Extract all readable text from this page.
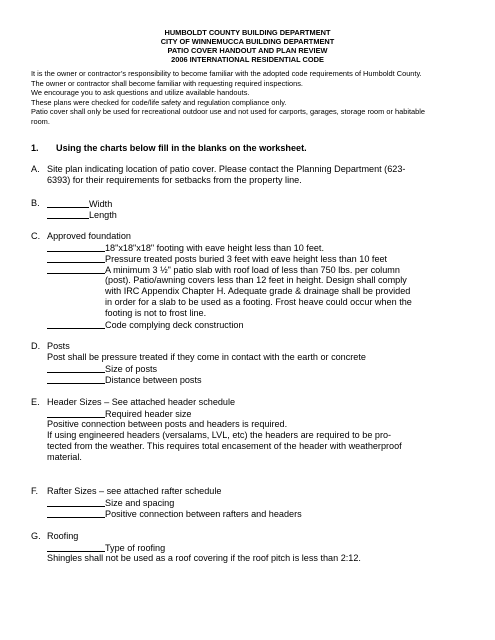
HUMBOLDT COUNTY BUILDING DEPARTMENT
CITY OF WINNEMUCCA BUILDING DEPARTMENT
PATIO COVER HANDOUT AND PLAN REVIEW
2006 INTERNATIONAL RESIDENTIAL CODE
It is the owner or contractor’s responsibility to become familiar with the adopted code requirements of Humboldt County.
The owner or contractor shall become familiar with requesting required inspections.
We encourage you to ask questions and utilize available handouts.
These plans were checked for code/life safety and regulation compliance only.
Patio cover shall only be used for recreational outdoor use and not used for carports, garages, storage room or habitable
room.
1. Using the charts below fill in the blanks on the worksheet.
A. Site plan indicating location of patio cover. Please contact the Planning Department (623-
6393) for their requirements for setbacks from the property line.
B.	Width
Length
C. Approved foundation
18"x18"x18" footing with eave height less than 10 feet.
Pressure treated posts buried 3 feet with eave height less than 10 feet
A minimum 3 ½" patio slab with roof load of less than 750 lbs. per column
(post). Patio/awning covers less than 12 feet in height. Design shall comply
with IRC Appendix Chapter H. Adequate grade & drainage shall be provided
in order for a slab to be used as a footing. Frost heave could occur when the
footing is not to frost line.
Code complying deck construction
D. Posts
Post shall be pressure treated if they come in contact with the earth or concrete
Size of posts
Distance between posts
E. Header Sizes – See attached header schedule
Required header size
Positive connection between posts and headers is required.
If using engineered headers (versalams, LVL, etc) the headers are required to be pro-
tected from the weather. This requires total encasement of the header with weatherproof
material.
F. Rafter Sizes – see attached rafter schedule
Size and spacing
Positive connection between rafters and headers
G. Roofing
Type of roofing
Shingles shall not be used as a roof covering if the roof pitch is less than 2:12.
